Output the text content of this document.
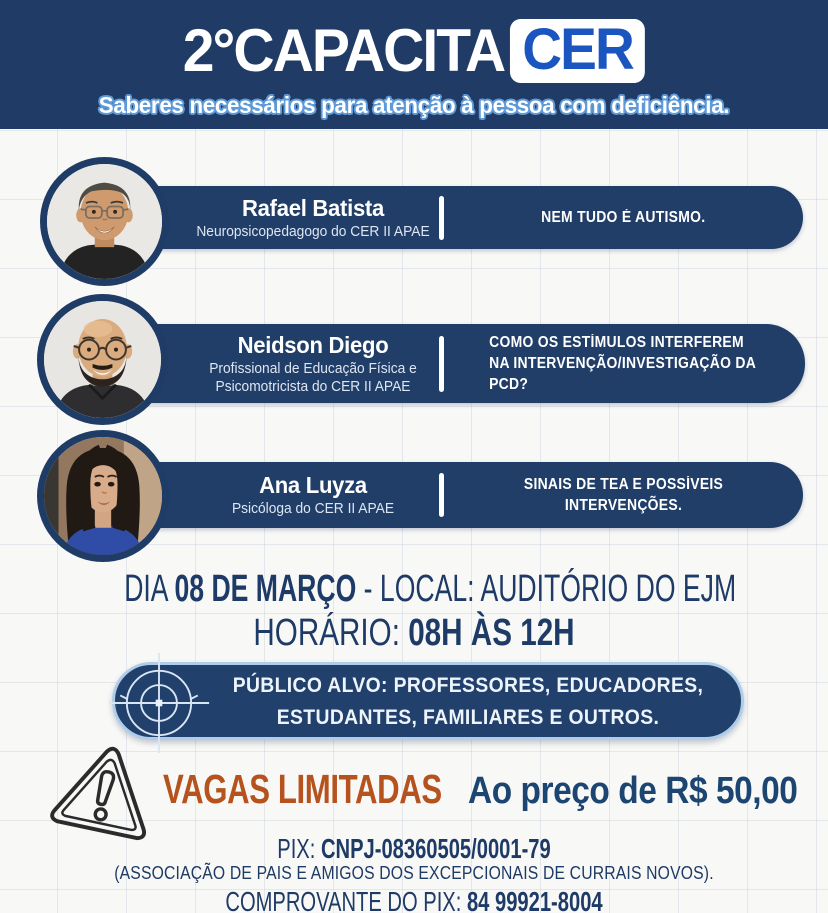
2°CAPACITA CER
Saberes necessários para atenção à pessoa com deficiência.
Rafael Batista
Neuropsicopedagogo do CER II APAE
NEM TUDO É AUTISMO.
Neidson Diego
Profissional de Educação Física e Psicomotricista do CER II APAE
COMO OS ESTÍMULOS INTERFEREM NA INTERVENÇÃO/INVESTIGAÇÃO DA PCD?
Ana Luyza
Psicóloga do CER II APAE
SINAIS DE TEA E POSSÍVEIS INTERVENÇÕES.
DIA 08 DE MARÇO - LOCAL: AUDITÓRIO DO EJM
HORÁRIO: 08H ÀS 12H
PÚBLICO ALVO: PROFESSORES, EDUCADORES,
ESTUDANTES, FAMILIARES E OUTROS.
VAGAS LIMITADAS Ao preço de R$ 50,00
PIX: CNPJ-08360505/0001-79
(ASSOCIAÇÃO DE PAIS E AMIGOS DOS EXCEPCIONAIS DE CURRAIS NOVOS).
COMPROVANTE DO PIX: 84 99921-8004
